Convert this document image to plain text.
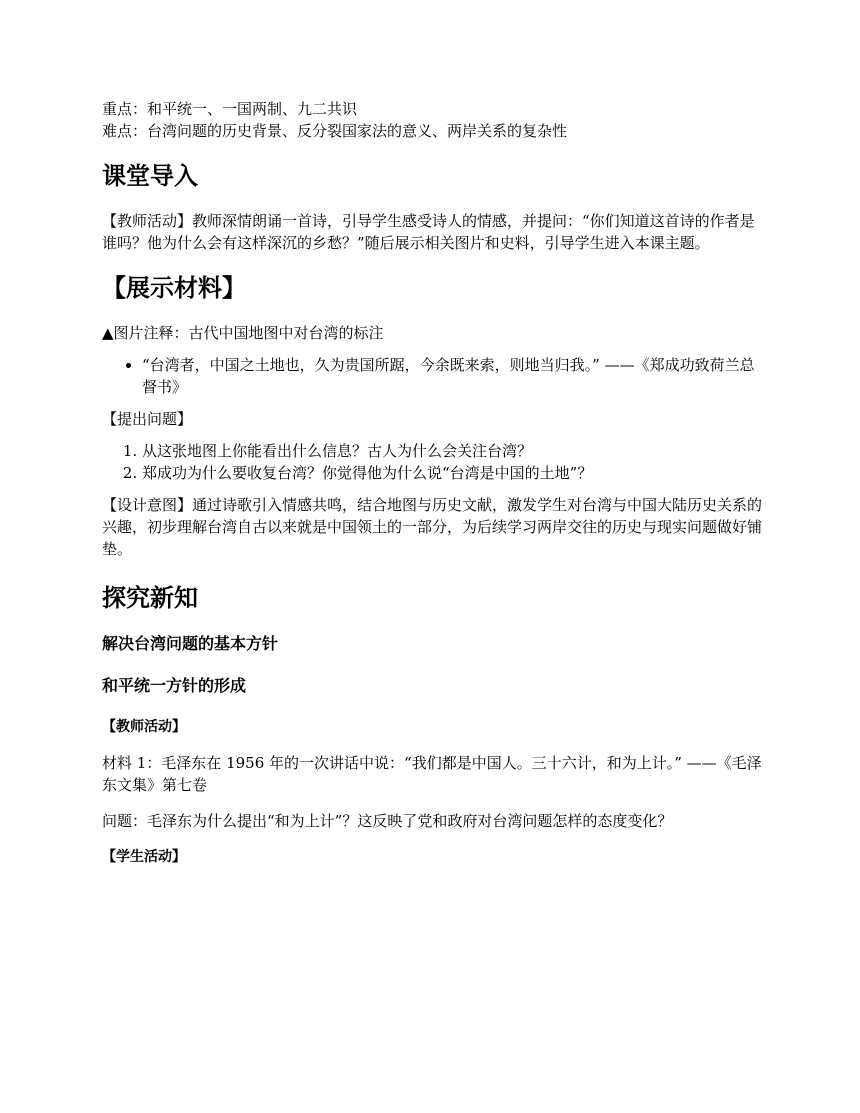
重点：和平统一、一国两制、九二共识

难点：台湾问题的历史背景、反分裂国家法的意义、两岸关系的复杂性

课堂导入

【教师活动】教师深情朗诵一首诗，引导学生感受诗人的情感，并提问：“你们知道这首诗的作者是谁吗？他为什么会有这样深沉的乡愁？”随后展示相关图片和史料，引导学生进入本课主题。

【展示材料】

▲图片注释：古代中国地图中对台湾的标注

• “台湾者，中国之土地也，久为贵国所踞，今余既来索，则地当归我。” ——《郑成功致荷兰总督书》

【提出问题】

1. 从这张地图上你能看出什么信息？古人为什么会关注台湾？
2. 郑成功为什么要收复台湾？你觉得他为什么说“台湾是中国的土地”？

【设计意图】通过诗歌引入情感共鸣，结合地图与历史文献，激发学生对台湾与中国大陆历史关系的兴趣，初步理解台湾自古以来就是中国领土的一部分，为后续学习两岸交往的历史与现实问题做好铺垫。

探究新知
解决台湾问题的基本方针
和平统一方针的形成
【教师活动】

材料 1：毛泽东在 1956 年的一次讲话中说：“我们都是中国人。三十六计，和为上计。” ——《毛泽东文集》第七卷

问题：毛泽东为什么提出“和为上计”？这反映了党和政府对台湾问题怎样的态度变化？

【学生活动】
